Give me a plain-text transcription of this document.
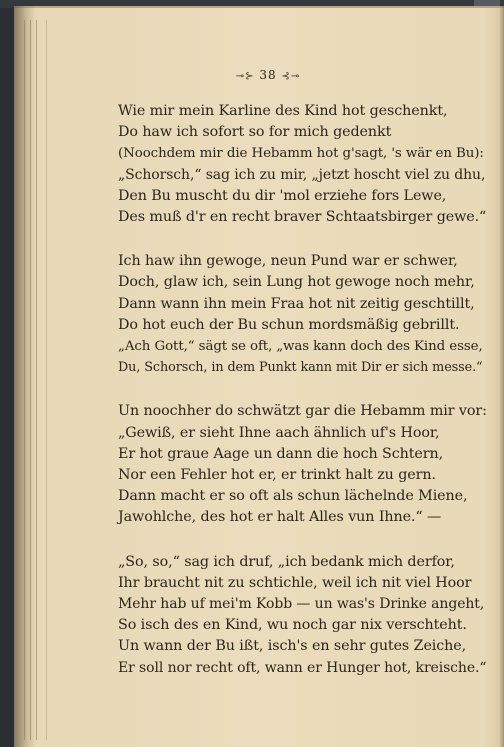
⊸⊱ 38 ⊰⊸
Wie mir mein Karline des Kind hot geschenkt,
Do haw ich sofort so for mich gedenkt
(Noochdem mir die Hebamm hot g'sagt, 's wär en Bu):
„Schorsch,“ sag ich zu mir, „jetzt hoscht viel zu dhu,
Den Bu muscht du dir 'mol erziehe fors Lewe,
Des muß d'r en recht braver Schtaatsbirger gewe.“
Ich haw ihn gewoge, neun Pund war er schwer,
Doch, glaw ich, sein Lung hot gewoge noch mehr,
Dann wann ihn mein Fraa hot nit zeitig geschtillt,
Do hot euch der Bu schun mordsmäßig gebrillt.
„Ach Gott,“ sägt se oft, „was kann doch des Kind esse,
Du, Schorsch, in dem Punkt kann mit Dir er sich messe.“
Un noochher do schwätzt gar die Hebamm mir vor:
„Gewiß, er sieht Ihne aach ähnlich uf's Hoor,
Er hot graue Aage un dann die hoch Schtern,
Nor een Fehler hot er, er trinkt halt zu gern.
Dann macht er so oft als schun lächelnde Miene,
Jawohlche, des hot er halt Alles vun Ihne.“ —
„So, so,“ sag ich druf, „ich bedank mich derfor,
Ihr braucht nit zu schtichle, weil ich nit viel Hoor
Mehr hab uf mei'm Kobb — un was's Drinke angeht,
So isch des en Kind, wu noch gar nix verschteht.
Un wann der Bu ißt, isch's en sehr gutes Zeiche,
Er soll nor recht oft, wann er Hunger hot, kreische.“
